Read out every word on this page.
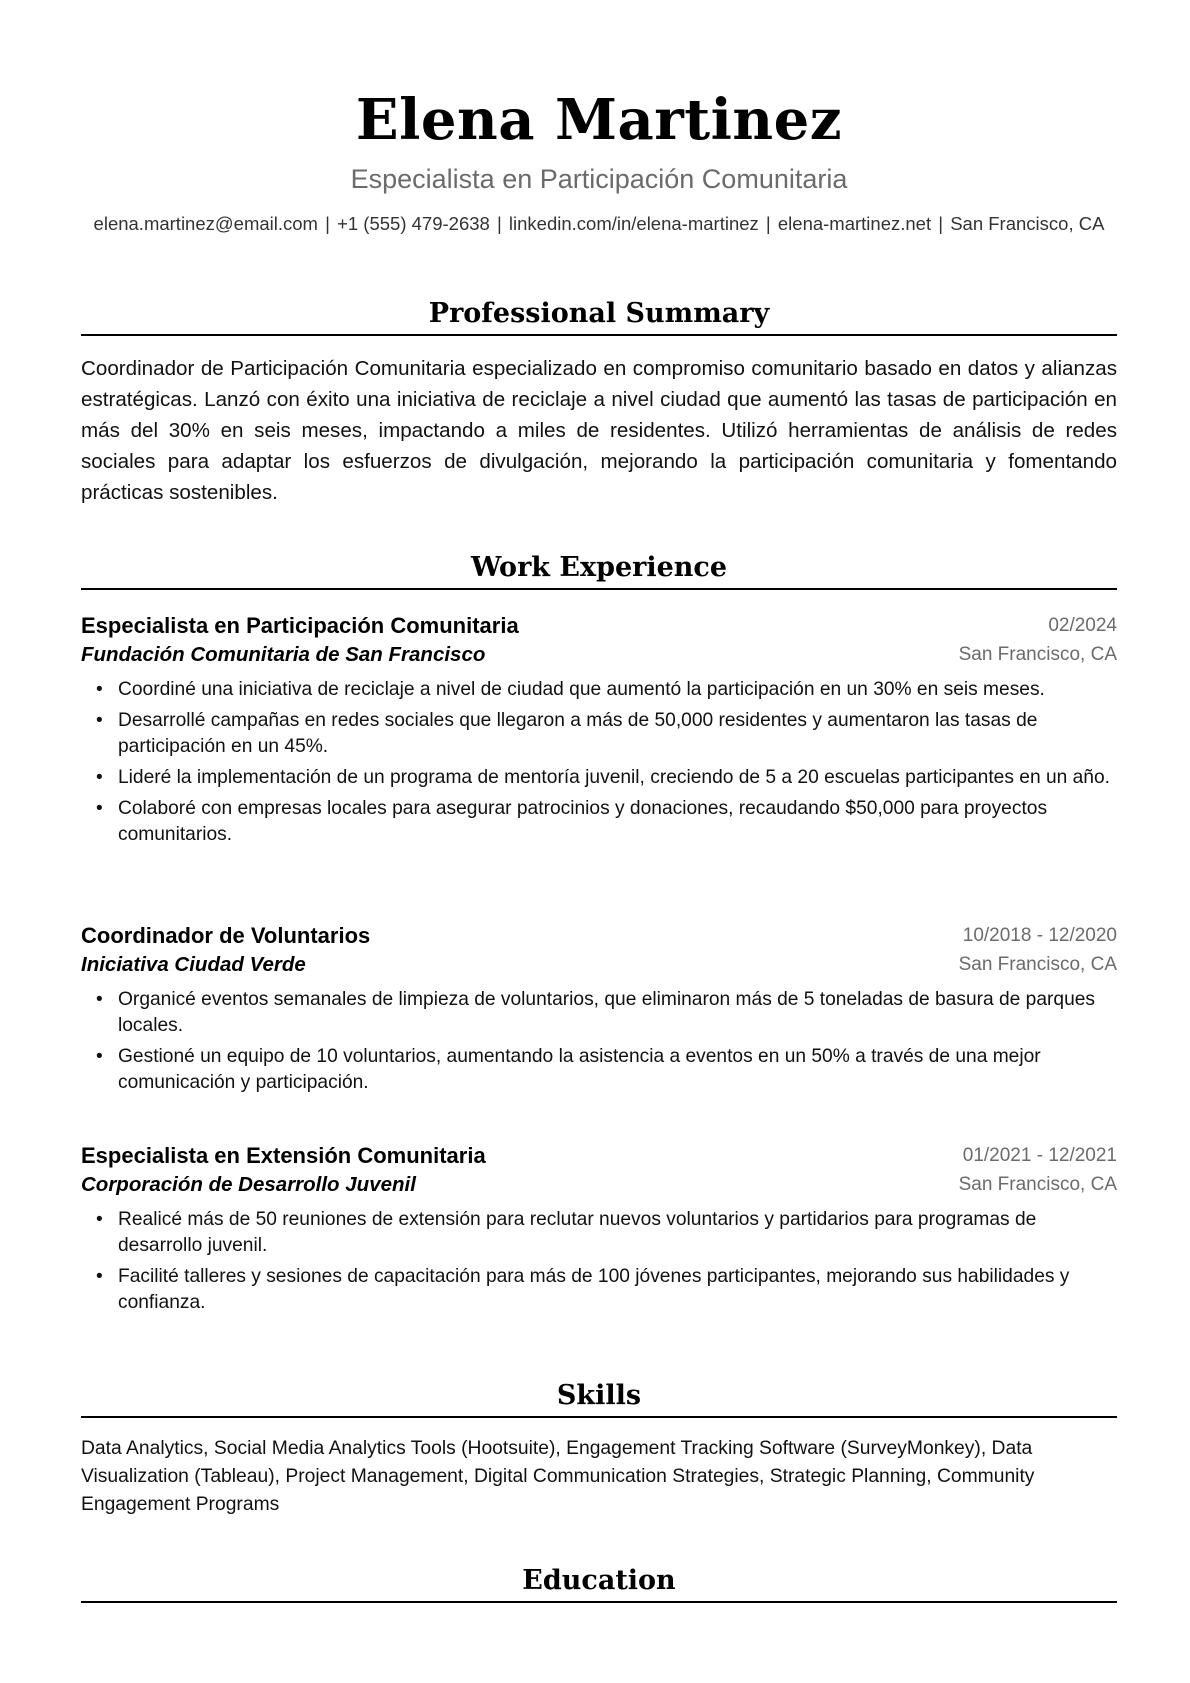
Elena Martinez
Especialista en Participación Comunitaria
elena.martinez@email.com | +1 (555) 479-2638 | linkedin.com/in/elena-martinez | elena-martinez.net | San Francisco, CA
Professional Summary

Coordinador de Participación Comunitaria especializado en compromiso comunitario basado en datos y alianzas estratégicas. Lanzó con éxito una iniciativa de reciclaje a nivel ciudad que aumentó las tasas de participación en más del 30% en seis meses, impactando a miles de residentes. Utilizó herramientas de análisis de redes sociales para adaptar los esfuerzos de divulgación, mejorando la participación comunitaria y fomentando prácticas sostenibles.

Work Experience
Especialista en Participación Comunitaria	02/2024
Fundación Comunitaria de San Francisco	San Francisco, CA
• Coordiné una iniciativa de reciclaje a nivel de ciudad que aumentó la participación en un 30% en seis meses.
• Desarrollé campañas en redes sociales que llegaron a más de 50,000 residentes y aumentaron las tasas de participación en un 45%.
• Lideré la implementación de un programa de mentoría juvenil, creciendo de 5 a 20 escuelas participantes en un año.
• Colaboré con empresas locales para asegurar patrocinios y donaciones, recaudando $50,000 para proyectos comunitarios.
Coordinador de Voluntarios	10/2018 - 12/2020
Iniciativa Ciudad Verde	San Francisco, CA
• Organicé eventos semanales de limpieza de voluntarios, que eliminaron más de 5 toneladas de basura de parques locales.
• Gestioné un equipo de 10 voluntarios, aumentando la asistencia a eventos en un 50% a través de una mejor comunicación y participación.
Especialista en Extensión Comunitaria	01/2021 - 12/2021
Corporación de Desarrollo Juvenil	San Francisco, CA
• Realicé más de 50 reuniones de extensión para reclutar nuevos voluntarios y partidarios para programas de desarrollo juvenil.
• Facilité talleres y sesiones de capacitación para más de 100 jóvenes participantes, mejorando sus habilidades y confianza.
Skills

Data Analytics, Social Media Analytics Tools (Hootsuite), Engagement Tracking Software (SurveyMonkey), Data Visualization (Tableau), Project Management, Digital Communication Strategies, Strategic Planning, Community Engagement Programs

Education
